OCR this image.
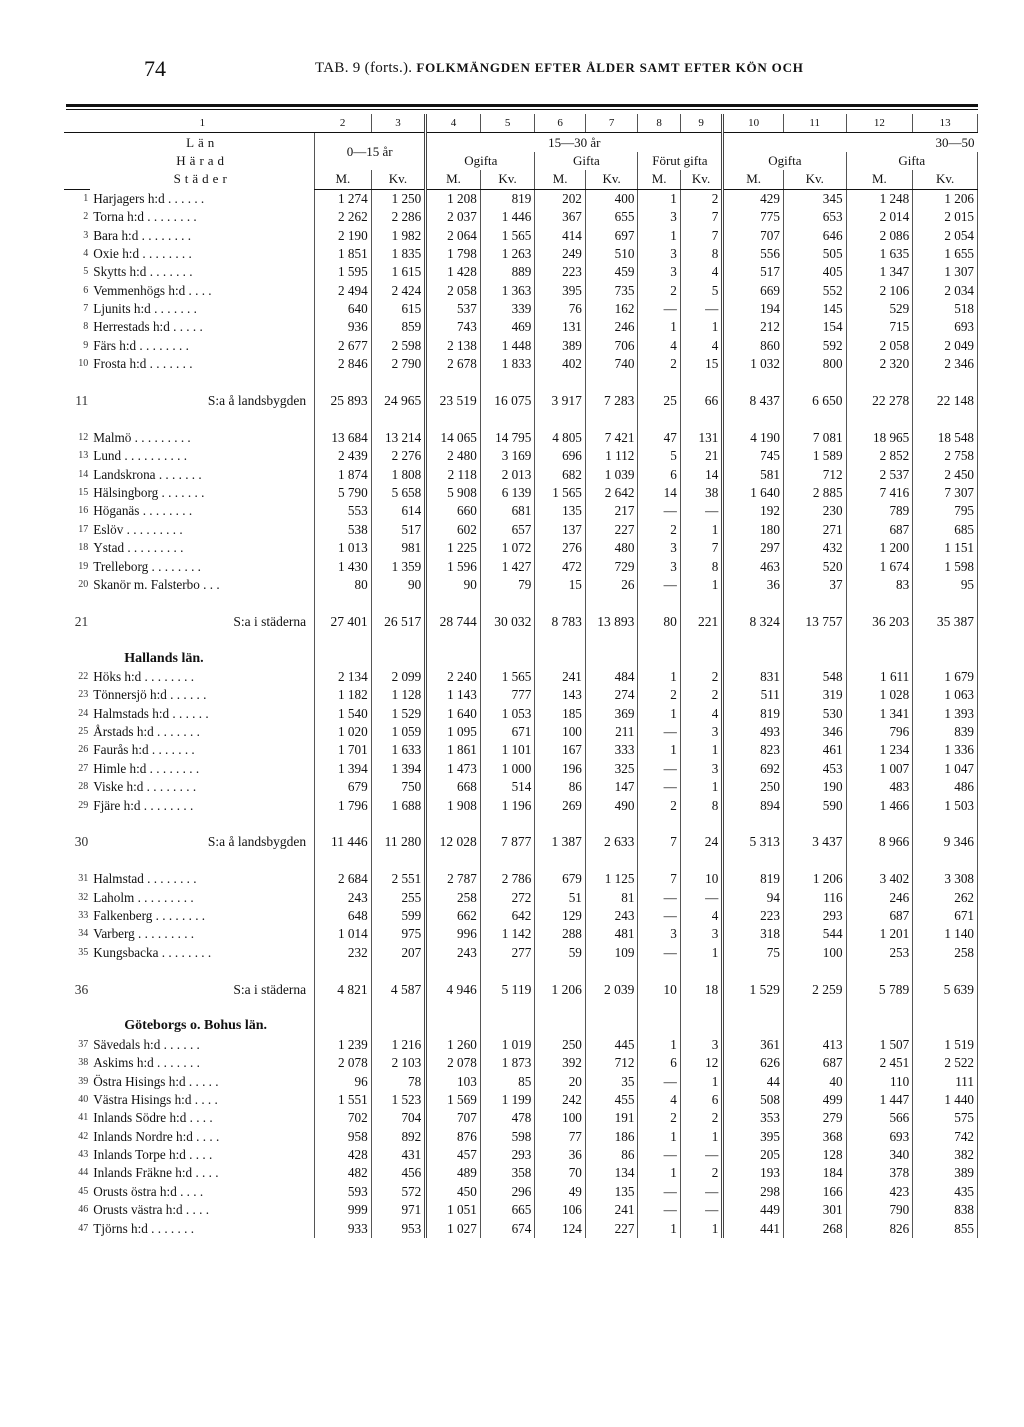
74	TAB. 9 (forts.). FOLKMÄNGDEN EFTER ÅLDER SAMT EFTER KÖN OCH
	1	2	3	4	5	6	7	8	9	10	11	12	13

	Län
Härad
Städer	0—15 år		15—30 år						30—50			
				Ogifta		Gifta		Förut gifta		Ogifta		Gifta	
		M.	Kv.	M.	Kv.	M.	Kv.	M.	Kv.	M.	Kv.	M.	Kv.
1	Harjagers h:d . . . . . .	1 274	1 250	1 208	819	202	400	1	2	429	345	1 248	1 206
2	Torna h:d . . . . . . . .	2 262	2 286	2 037	1 446	367	655	3	7	775	653	2 014	2 015
3	Bara h:d . . . . . . . .	2 190	1 982	2 064	1 565	414	697	1	7	707	646	2 086	2 054
4	Oxie h:d . . . . . . . .	1 851	1 835	1 798	1 263	249	510	3	8	556	505	1 635	1 655
5	Skytts h:d . . . . . . .	1 595	1 615	1 428	889	223	459	3	4	517	405	1 347	1 307
6	Vemmenhögs h:d . . . .	2 494	2 424	2 058	1 363	395	735	2	5	669	552	2 106	2 034
7	Ljunits h:d . . . . . . .	640	615	537	339	76	162	—	—	194	145	529	518
8	Herrestads h:d . . . . .	936	859	743	469	131	246	1	1	212	154	715	693
9	Färs h:d . . . . . . . .	2 677	2 598	2 138	1 448	389	706	4	4	860	592	2 058	2 049
10	Frosta h:d . . . . . . .	2 846	2 790	2 678	1 833	402	740	2	15	1 032	800	2 320	2 346

11	S:a å landsbygden	25 893	24 965	23 519	16 075	3 917	7 283	25	66	8 437	6 650	22 278	22 148

12	Malmö . . . . . . . . .	13 684	13 214	14 065	14 795	4 805	7 421	47	131	4 190	7 081	18 965	18 548
13	Lund . . . . . . . . . .	2 439	2 276	2 480	3 169	696	1 112	5	21	745	1 589	2 852	2 758
14	Landskrona . . . . . . .	1 874	1 808	2 118	2 013	682	1 039	6	14	581	712	2 537	2 450
15	Hälsingborg . . . . . . .	5 790	5 658	5 908	6 139	1 565	2 642	14	38	1 640	2 885	7 416	7 307
16	Höganäs . . . . . . . .	553	614	660	681	135	217	—	—	192	230	789	795
17	Eslöv . . . . . . . . .	538	517	602	657	137	227	2	1	180	271	687	685
18	Ystad . . . . . . . . .	1 013	981	1 225	1 072	276	480	3	7	297	432	1 200	1 151
19	Trelleborg . . . . . . . .	1 430	1 359	1 596	1 427	472	729	3	8	463	520	1 674	1 598
20	Skanör m. Falsterbo . . .	80	90	90	79	15	26	—	1	36	37	83	95

21	S:a i städerna	27 401	26 517	28 744	30 032	8 783	13 893	80	221	8 324	13 757	36 203	35 387

	Hallands län.												
22	Höks h:d . . . . . . . .	2 134	2 099	2 240	1 565	241	484	1	2	831	548	1 611	1 679
23	Tönnersjö h:d . . . . . .	1 182	1 128	1 143	777	143	274	2	2	511	319	1 028	1 063
24	Halmstads h:d . . . . . .	1 540	1 529	1 640	1 053	185	369	1	4	819	530	1 341	1 393
25	Årstads h:d . . . . . . .	1 020	1 059	1 095	671	100	211	—	3	493	346	796	839
26	Faurås h:d . . . . . . .	1 701	1 633	1 861	1 101	167	333	1	1	823	461	1 234	1 336
27	Himle h:d . . . . . . . .	1 394	1 394	1 473	1 000	196	325	—	3	692	453	1 007	1 047
28	Viske h:d . . . . . . . .	679	750	668	514	86	147	—	1	250	190	483	486
29	Fjäre h:d . . . . . . . .	1 796	1 688	1 908	1 196	269	490	2	8	894	590	1 466	1 503

30	S:a å landsbygden	11 446	11 280	12 028	7 877	1 387	2 633	7	24	5 313	3 437	8 966	9 346

31	Halmstad . . . . . . . .	2 684	2 551	2 787	2 786	679	1 125	7	10	819	1 206	3 402	3 308
32	Laholm . . . . . . . . .	243	255	258	272	51	81	—	—	94	116	246	262
33	Falkenberg . . . . . . . .	648	599	662	642	129	243	—	4	223	293	687	671
34	Varberg . . . . . . . . .	1 014	975	996	1 142	288	481	3	3	318	544	1 201	1 140
35	Kungsbacka . . . . . . . .	232	207	243	277	59	109	—	1	75	100	253	258

36	S:a i städerna	4 821	4 587	4 946	5 119	1 206	2 039	10	18	1 529	2 259	5 789	5 639

	Göteborgs o. Bohus län.												
37	Sävedals h:d . . . . . .	1 239	1 216	1 260	1 019	250	445	1	3	361	413	1 507	1 519
38	Askims h:d . . . . . . .	2 078	2 103	2 078	1 873	392	712	6	12	626	687	2 451	2 522
39	Östra Hisings h:d . . . . .	96	78	103	85	20	35	—	1	44	40	110	111
40	Västra Hisings h:d . . . .	1 551	1 523	1 569	1 199	242	455	4	6	508	499	1 447	1 440
41	Inlands Södre h:d . . . .	702	704	707	478	100	191	2	2	353	279	566	575
42	Inlands Nordre h:d . . . .	958	892	876	598	77	186	1	1	395	368	693	742
43	Inlands Torpe h:d . . . .	428	431	457	293	36	86	—	—	205	128	340	382
44	Inlands Fräkne h:d . . . .	482	456	489	358	70	134	1	2	193	184	378	389
45	Orusts östra h:d . . . .	593	572	450	296	49	135	—	—	298	166	423	435
46	Orusts västra h:d . . . .	999	971	1 051	665	106	241	—	—	449	301	790	838
47	Tjörns h:d . . . . . . .	933	953	1 027	674	124	227	1	1	441	268	826	855
